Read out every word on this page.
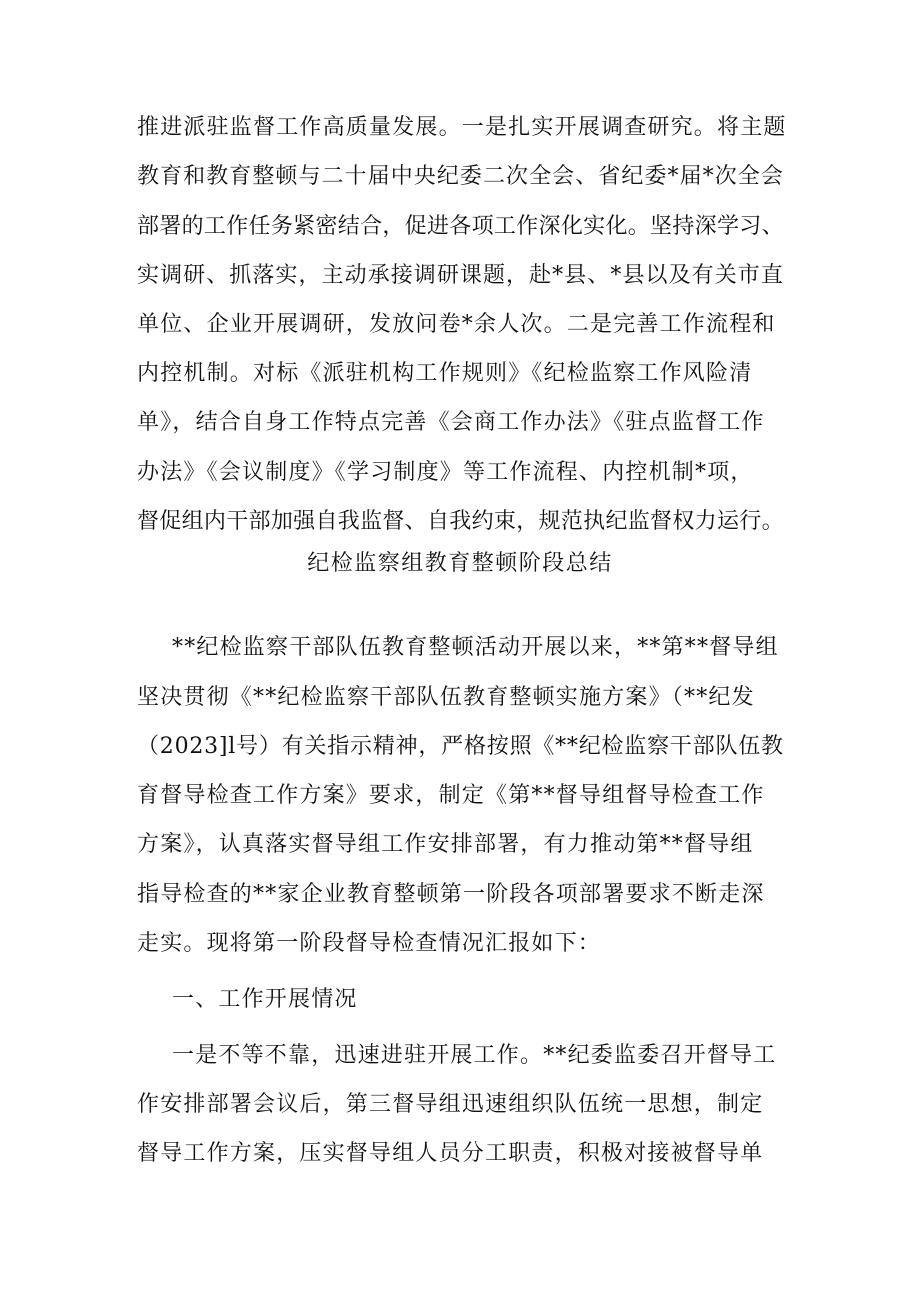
推进派驻监督工作高质量发展。一是扎实开展调查研究。将主题
教育和教育整顿与二十届中央纪委二次全会、省纪委*届*次全会
部署的工作任务紧密结合，促进各项工作深化实化。坚持深学习、
实调研、抓落实，主动承接调研课题，赴*县、*县以及有关市直
单位、企业开展调研，发放问卷*余人次。二是完善工作流程和
内控机制。对标《派驻机构工作规则》《纪检监察工作风险清
单》，结合自身工作特点完善《会商工作办法》《驻点监督工作
办法》《会议制度》《学习制度》等工作流程、内控机制*项，
督促组内干部加强自我监督、自我约束，规范执纪监督权力运行。
纪检监察组教育整顿阶段总结
**纪检监察干部队伍教育整顿活动开展以来，**第**督导组
坚决贯彻《**纪检监察干部队伍教育整顿实施方案》（**纪发
（2023]l号）有关指示精神，严格按照《**纪检监察干部队伍教
育督导检查工作方案》要求，制定《第**督导组督导检查工作
方案》，认真落实督导组工作安排部署，有力推动第**督导组
指导检查的**家企业教育整顿第一阶段各项部署要求不断走深
走实。现将第一阶段督导检查情况汇报如下：
一、工作开展情况
一是不等不靠，迅速进驻开展工作。**纪委监委召开督导工
作安排部署会议后，第三督导组迅速组织队伍统一思想，制定
督导工作方案，压实督导组人员分工职责，积极对接被督导单
